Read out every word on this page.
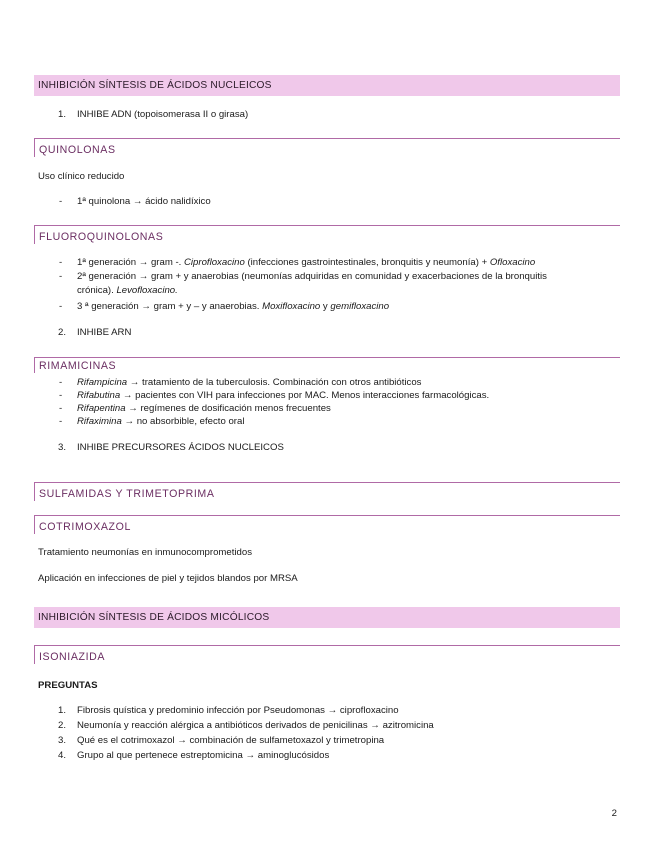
INHIBICIÓN SÍNTESIS DE ÁCIDOS NUCLEICOS
1. INHIBE ADN (topoisomerasa II o girasa)
QUINOLONAS
Uso clínico reducido
- 1ª quinolona → ácido nalidíxico
FLUOROQUINOLONAS
- 1ª generación → gram -. Ciprofloxacino (infecciones gastrointestinales, bronquitis y neumonía) + Ofloxacino
- 2ª generación → gram + y anaerobias (neumonías adquiridas en comunidad y exacerbaciones de la bronquitis
crónica). Levofloxacino.
- 3 ª generación → gram + y – y anaerobias. Moxifloxacino y gemifloxacino
2. INHIBE ARN
RIMAMICINAS
- Rifampicina → tratamiento de la tuberculosis. Combinación con otros antibióticos
- Rifabutina → pacientes con VIH para infecciones por MAC. Menos interacciones farmacológicas.
- Rifapentina → regímenes de dosificación menos frecuentes
- Rifaximina → no absorbible, efecto oral
3. INHIBE PRECURSORES ÁCIDOS NUCLEICOS
SULFAMIDAS Y TRIMETOPRIMA
COTRIMOXAZOL
Tratamiento neumonías en inmunocomprometidos
Aplicación en infecciones de piel y tejidos blandos por MRSA
INHIBICIÓN SÍNTESIS DE ÁCIDOS MICÓLICOS
ISONIAZIDA
PREGUNTAS
1. Fibrosis quística y predominio infección por Pseudomonas → ciprofloxacino
2. Neumonía y reacción alérgica a antibióticos derivados de penicilinas → azitromicina
3. Qué es el cotrimoxazol → combinación de sulfametoxazol y trimetropina
4. Grupo al que pertenece estreptomicina → aminoglucósidos
2
